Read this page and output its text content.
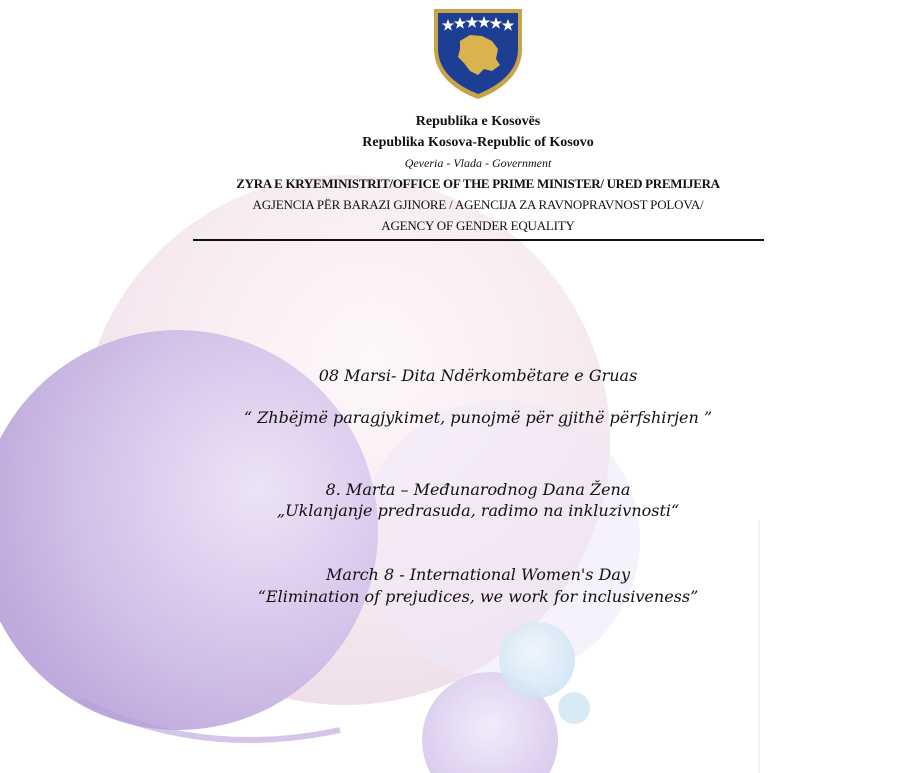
Republika e Kosovës
Republika Kosova-Republic of Kosovo
Qeveria - Vlada - Government
ZYRA E KRYEMINISTRIT/OFFICE OF THE PRIME MINISTER/ URED PREMIJERA
AGJENCIA PËR BARAZI GJINORE / AGENCIJA ZA RAVNOPRAVNOST POLOVA/
AGENCY OF GENDER EQUALITY
08 Marsi- Dita Ndërkombëtare e Gruas
“ Zhbëjmë paragjykimet, punojmë për gjithë përfshirjen ”
8. Marta – Međunarodnog Dana Žena
„Uklanjanje predrasuda, radimo na inkluzivnosti“
March 8 - International Women's Day
“Elimination of prejudices, we work for inclusiveness”
